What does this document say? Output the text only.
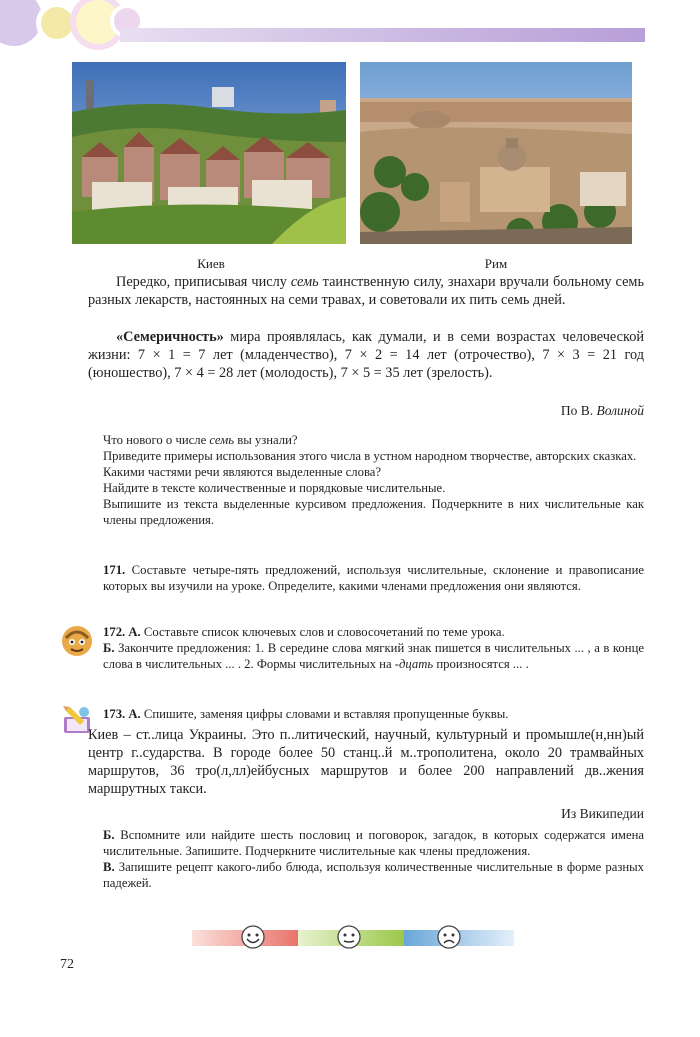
Киев	Рим

Передко, приписывая числу семь таинственную силу, знахари вручали больному семь разных лекарств, настоянных на семи травах, и советовали их пить семь дней.

«Семеричность» мира проявлялась, как думали, и в семи возрастах человеческой жизни: 7 × 1 = 7 лет (младенчество), 7 × 2 = 14 лет (отрочество), 7 × 3 = 21 год (юношество), 7 × 4 = 28 лет (молодость), 7 × 5 = 35 лет (зрелость).

По В. Волиной

Что нового о числе семь вы узнали?

Приведите примеры использования этого числа в устном народном творчестве, авторских сказках.

Какими частями речи являются выделенные слова?

Найдите в тексте количественные и порядковые числительные.

Выпишите из текста выделенные курсивом предложения. Подчеркните в них числительные как члены предложения.

171. Составьте четыре-пять предложений, используя числительные, склонение и правописание которых вы изучили на уроке. Определите, какими членами предложения они являются.

172. А. Составьте список ключевых слов и словосочетаний по теме урока.

Б. Закончите предложения: 1. В середине слова мягкий знак пишется в числительных ... , а в конце слова в числительных ... . 2. Формы числительных на -дцать произносятся ... .

173. А. Спишите, заменяя цифры словами и вставляя пропущенные буквы.

Киев – ст..лица Украины. Это п..литический, научный, культурный и промышле(н,нн)ый центр г..сударства. В городе более 50 станц..й м..трополитена, около 20 трамвайных маршрутов, 36 тро(л,лл)ейбусных маршрутов и более 200 направлений дв..жения маршрутных такси.

Из Википедии

Б. Вспомните или найдите шесть пословиц и поговорок, загадок, в которых содержатся имена числительные. Запишите. Подчеркните числительные как члены предложения.

В. Запишите рецепт какого-либо блюда, используя количественные числительные в форме разных падежей.

72
